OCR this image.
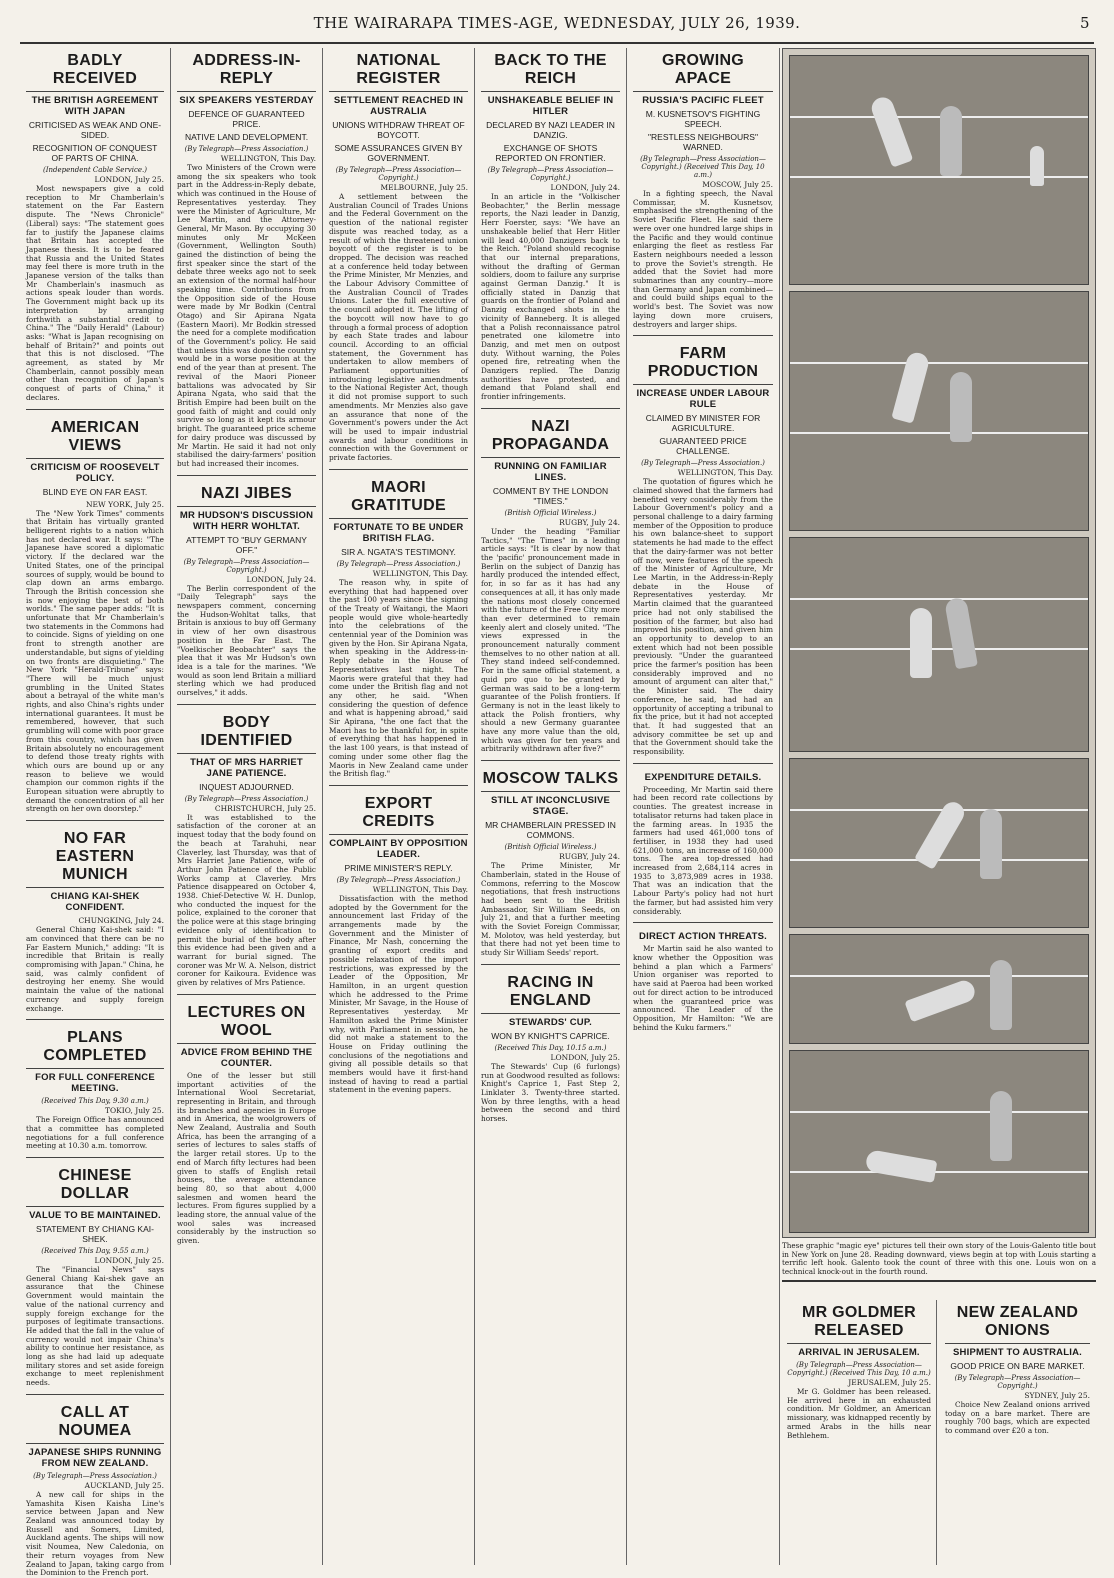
THE WAIRARAPA TIMES-AGE, WEDNESDAY, JULY 26, 1939.	5
BADLY RECEIVED
THE BRITISH AGREEMENT WITH JAPAN
CRITICISED AS WEAK AND ONE-SIDED.
RECOGNITION OF CONQUEST OF PARTS OF CHINA.
(Independent Cable Service.)
LONDON, July 25.
Most newspapers give a cold reception to Mr Chamberlain's statement on the Far Eastern dispute. The "News Chronicle" (Liberal) says: "The statement goes far to justify the Japanese claims that Britain has accepted the Japanese thesis. It is to be feared that Russia and the United States may feel there is more truth in the Japanese version of the talks than Mr Chamberlain's inasmuch as actions speak louder than words. The Government might back up its interpretation by arranging forthwith a substantial credit to China." The "Daily Herald" (Labour) asks: "What is Japan recognising on behalf of Britain?" and points out that this is not disclosed. "The agreement, as stated by Mr Chamberlain, cannot possibly mean other than recognition of Japan's conquest of parts of China," it declares.
AMERICAN VIEWS
CRITICISM OF ROOSEVELT POLICY.
BLIND EYE ON FAR EAST.
NEW YORK, July 25.
The "New York Times" comments that Britain has virtually granted belligerent rights to a nation which has not declared war. It says: "The Japanese have scored a diplomatic victory. If the declared war the United States, one of the principal sources of supply, would be bound to clap down an arms embargo. Through the British concession she is now enjoying the best of both worlds." The same paper adds: "It is unfortunate that Mr Chamberlain's two statements in the Commons had to coincide. Signs of yielding on one front to strength another are understandable, but signs of yielding on two fronts are disquieting." The New York "Herald-Tribune" says: "There will be much unjust grumbling in the United States about a betrayal of the white man's rights, and also China's rights under international guarantees. It must be remembered, however, that such grumbling will come with poor grace from this country, which has given Britain absolutely no encouragement to defend those treaty rights with which ours are bound up or any reason to believe we would champion our common rights if the European situation were abruptly to demand the concentration of all her strength on her own doorstep."
NO FAR EASTERN MUNICH
CHIANG KAI-SHEK CONFIDENT.
CHUNGKING, July 24.
General Chiang Kai-shek said: "I am convinced that there can be no Far Eastern Munich," adding: "It is incredible that Britain is really compromising with Japan." China, he said, was calmly confident of destroying her enemy. She would maintain the value of the national currency and supply foreign exchange.
PLANS COMPLETED
FOR FULL CONFERENCE MEETING.
(Received This Day, 9.30 a.m.)
TOKIO, July 25.
The Foreign Office has announced that a committee has completed negotiations for a full conference meeting at 10.30 a.m. tomorrow.
CHINESE DOLLAR
VALUE TO BE MAINTAINED.
STATEMENT BY CHIANG KAI-SHEK.
(Received This Day, 9.55 a.m.)
LONDON, July 25.
The "Financial News" says General Chiang Kai-shek gave an assurance that the Chinese Government would maintain the value of the national currency and supply foreign exchange for the purposes of legitimate transactions. He added that the fall in the value of currency would not impair China's ability to continue her resistance, as long as she had laid up adequate military stores and set aside foreign exchange to meet replenishment needs.
CALL AT NOUMEA
JAPANESE SHIPS RUNNING FROM NEW ZEALAND.
(By Telegraph—Press Association.)
AUCKLAND, July 25.
A new call for ships in the Yamashita Kisen Kaisha Line's service between Japan and New Zealand was announced today by Russell and Somers, Limited, Auckland agents. The ships will now visit Noumea, New Caledonia, on their return voyages from New Zealand to Japan, taking cargo from the Dominion to the French port.
ADDRESS-IN-REPLY
SIX SPEAKERS YESTERDAY
DEFENCE OF GUARANTEED PRICE.
NATIVE LAND DEVELOPMENT.
(By Telegraph—Press Association.)
WELLINGTON, This Day.
Two Ministers of the Crown were among the six speakers who took part in the Address-in-Reply debate, which was continued in the House of Representatives yesterday. They were the Minister of Agriculture, Mr Lee Martin, and the Attorney-General, Mr Mason. By occupying 30 minutes only Mr McKeen (Government, Wellington South) gained the distinction of being the first speaker since the start of the debate three weeks ago not to seek an extension of the normal half-hour speaking time. Contributions from the Opposition side of the House were made by Mr Bodkin (Central Otago) and Sir Apirana Ngata (Eastern Maori). Mr Bodkin stressed the need for a complete modification of the Government's policy. He said that unless this was done the country would be in a worse position at the end of the year than at present. The revival of the Maori Pioneer battalions was advocated by Sir Apirana Ngata, who said that the British Empire had been built on the good faith of might and could only survive so long as it kept its armour bright. The guaranteed price scheme for dairy produce was discussed by Mr Martin. He said it had not only stabilised the dairy-farmers' position but had increased their incomes.
NAZI JIBES
MR HUDSON'S DISCUSSION WITH HERR WOHLTAT.
ATTEMPT TO "BUY GERMANY OFF."
(By Telegraph—Press Association—Copyright.)
LONDON, July 24.
The Berlin correspondent of the "Daily Telegraph" says the newspapers comment, concerning the Hudson-Wohltat talks, that Britain is anxious to buy off Germany in view of her own disastrous position in the Far East. The "Voelkischer Beobachter" says the plea that it was Mr Hudson's own idea is a tale for the marines. "We would as soon lend Britain a milliard sterling which we had produced ourselves," it adds.
BODY IDENTIFIED
THAT OF MRS HARRIET JANE PATIENCE.
INQUEST ADJOURNED.
(By Telegraph—Press Association.)
CHRISTCHURCH, July 25.
It was established to the satisfaction of the coroner at an inquest today that the body found on the beach at Tarahuhi, near Claverley, last Thursday, was that of Mrs Harriet Jane Patience, wife of Arthur John Patience of the Public Works camp at Claverley. Mrs Patience disappeared on October 4, 1938. Chief-Detective W. H. Dunlop, who conducted the inquest for the police, explained to the coroner that the police were at this stage bringing evidence only of identification to permit the burial of the body after this evidence had been given and a warrant for burial signed. The coroner was Mr W. A. Nelson, district coroner for Kaikoura. Evidence was given by relatives of Mrs Patience.
LECTURES ON WOOL
ADVICE FROM BEHIND THE COUNTER.
One of the lesser but still important activities of the International Wool Secretariat, representing in Britain, and through its branches and agencies in Europe and in America, the woolgrowers of New Zealand, Australia and South Africa, has been the arranging of a series of lectures to sales staffs of the larger retail stores. Up to the end of March fifty lectures had been given to staffs of English retail houses, the average attendance being 80, so that about 4,000 salesmen and women heard the lectures. From figures supplied by a leading store, the annual value of the wool sales was increased considerably by the instruction so given.
NATIONAL REGISTER
SETTLEMENT REACHED IN AUSTRALIA
UNIONS WITHDRAW THREAT OF BOYCOTT.
SOME ASSURANCES GIVEN BY GOVERNMENT.
(By Telegraph—Press Association—Copyright.)
MELBOURNE, July 25.
A settlement between the Australian Council of Trades Unions and the Federal Government on the question of the national register dispute was reached today, as a result of which the threatened union boycott of the register is to be dropped. The decision was reached at a conference held today between the Prime Minister, Mr Menzies, and the Labour Advisory Committee of the Australian Council of Trades Unions. Later the full executive of the council adopted it. The lifting of the boycott will now have to go through a formal process of adoption by each State trades and labour council. According to an official statement, the Government has undertaken to allow members of Parliament opportunities of introducing legislative amendments to the National Register Act, though it did not promise support to such amendments. Mr Menzies also gave an assurance that none of the Government's powers under the Act will be used to impair industrial awards and labour conditions in connection with the Government or private factories.
MAORI GRATITUDE
FORTUNATE TO BE UNDER BRITISH FLAG.
SIR A. NGATA'S TESTIMONY.
(By Telegraph—Press Association.)
WELLINGTON, This Day.
The reason why, in spite of everything that had happened over the past 100 years since the signing of the Treaty of Waitangi, the Maori people would give whole-heartedly into the celebrations of the centennial year of the Dominion was given by the Hon. Sir Apirana Ngata, when speaking in the Address-in-Reply debate in the House of Representatives last night. The Maoris were grateful that they had come under the British flag and not any other, he said. "When considering the question of defence and what is happening abroad," said Sir Apirana, "the one fact that the Maori has to be thankful for, in spite of everything that has happened in the last 100 years, is that instead of coming under some other flag the Maoris in New Zealand came under the British flag."
EXPORT CREDITS
COMPLAINT BY OPPOSITION LEADER.
PRIME MINISTER'S REPLY.
(By Telegraph—Press Association.)
WELLINGTON, This Day.
Dissatisfaction with the method adopted by the Government for the announcement last Friday of the arrangements made by the Government and the Minister of Finance, Mr Nash, concerning the granting of export credits and possible relaxation of the import restrictions, was expressed by the Leader of the Opposition, Mr Hamilton, in an urgent question which he addressed to the Prime Minister, Mr Savage, in the House of Representatives yesterday. Mr Hamilton asked the Prime Minister why, with Parliament in session, he did not make a statement to the House on Friday outlining the conclusions of the negotiations and giving all possible details so that members would have it first-hand instead of having to read a partial statement in the evening papers.
BACK TO THE REICH
UNSHAKEABLE BELIEF IN HITLER
DECLARED BY NAZI LEADER IN DANZIG.
EXCHANGE OF SHOTS REPORTED ON FRONTIER.
(By Telegraph—Press Association—Copyright.)
LONDON, July 24.
In an article in the "Volkischer Beobachter," the Berlin message reports, the Nazi leader in Danzig, Herr Foerster, says: "We have an unshakeable belief that Herr Hitler will lead 40,000 Danzigers back to the Reich. "Poland should recognise that our internal preparations, without the drafting of German soldiers, doom to failure any surprise against German Danzig." It is officially stated in Danzig that guards on the frontier of Poland and Danzig exchanged shots in the vicinity of Banneberg. It is alleged that a Polish reconnaissance patrol penetrated one kilometre into Danzig, and met men on outpost duty. Without warning, the Poles opened fire, retreating when the Danzigers replied. The Danzig authorities have protested, and demand that Poland shall end frontier infringements.
NAZI PROPAGANDA
RUNNING ON FAMILIAR LINES.
COMMENT BY THE LONDON "TIMES."
(British Official Wireless.)
RUGBY, July 24.
Under the heading "Familiar Tactics," "The Times" in a leading article says: "It is clear by now that the 'pacific' pronouncement made in Berlin on the subject of Danzig has hardly produced the intended effect, for, in so far as it has had any consequences at all, it has only made the nations most closely concerned with the future of the Free City more than ever determined to remain keenly alert and closely united. "The views expressed in the pronouncement naturally comment themselves to no other nation at all. They stand indeed self-condemned. For in the same official statement, a quid pro quo to be granted by German was said to be a long-term guarantee of the Polish frontiers. If Germany is not in the least likely to attack the Polish frontiers, why should a new Germany guarantee have any more value than the old, which was given for ten years and arbitrarily withdrawn after five?"
MOSCOW TALKS
STILL AT INCONCLUSIVE STAGE.
MR CHAMBERLAIN PRESSED IN COMMONS.
(British Official Wireless.)
RUGBY, July 24.
The Prime Minister, Mr Chamberlain, stated in the House of Commons, referring to the Moscow negotiations, that fresh instructions had been sent to the British Ambassador, Sir William Seeds, on July 21, and that a further meeting with the Soviet Foreign Commissar, M. Molotov, was held yesterday, but that there had not yet been time to study Sir William Seeds' report.
RACING IN ENGLAND
STEWARDS' CUP.
WON BY KNIGHT'S CAPRICE.
(Received This Day, 10.15 a.m.)
LONDON, July 25.
The Stewards' Cup (6 furlongs) run at Goodwood resulted as follows: Knight's Caprice 1, Fast Step 2, Linklater 3. Twenty-three started. Won by three lengths, with a head between the second and third horses.
GROWING APACE
RUSSIA'S PACIFIC FLEET
M. KUSNETSOV'S FIGHTING SPEECH.
"RESTLESS NEIGHBOURS" WARNED.
(By Telegraph—Press Association—Copyright.) (Received This Day, 10 a.m.)
MOSCOW, July 25.
In a fighting speech, the Naval Commissar, M. Kusnetsov, emphasised the strengthening of the Soviet Pacific Fleet. He said there were over one hundred large ships in the Pacific and they would continue enlarging the fleet as restless Far Eastern neighbours needed a lesson to prove the Soviet's strength. He added that the Soviet had more submarines than any country—more than Germany and Japan combined—and could build ships equal to the world's best. The Soviet was now laying down more cruisers, destroyers and larger ships.
FARM PRODUCTION
INCREASE UNDER LABOUR RULE
CLAIMED BY MINISTER FOR AGRICULTURE.
GUARANTEED PRICE CHALLENGE.
(By Telegraph—Press Association.)
WELLINGTON, This Day.
The quotation of figures which he claimed showed that the farmers had benefited very considerably from the Labour Government's policy and a personal challenge to a dairy farming member of the Opposition to produce his own balance-sheet to support statements he had made to the effect that the dairy-farmer was not better off now, were features of the speech of the Minister of Agriculture, Mr Lee Martin, in the Address-in-Reply debate in the House of Representatives yesterday. Mr Martin claimed that the guaranteed price had not only stabilised the position of the farmer, but also had improved his position, and given him an opportunity to develop to an extent which had not been possible previously. "Under the guaranteed price the farmer's position has been considerably improved and no amount of argument can alter that," the Minister said. The dairy conference, he said, had had an opportunity of accepting a tribunal to fix the price, but it had not accepted that. It had suggested that an advisory committee be set up and that the Government should take the responsibility.
EXPENDITURE DETAILS.
Proceeding, Mr Martin said there had been record rate collections by counties. The greatest increase in totalisator returns had taken place in the farming areas. In 1935 the farmers had used 461,000 tons of fertiliser, in 1938 they had used 621,000 tons, an increase of 160,000 tons. The area top-dressed had increased from 2,684,114 acres in 1935 to 3,873,989 acres in 1938. That was an indication that the Labour Party's policy had not hurt the farmer, but had assisted him very considerably.
DIRECT ACTION THREATS.
Mr Martin said he also wanted to know whether the Opposition was behind a plan which a Farmers' Union organiser was reported to have said at Paeroa had been worked out for direct action to be introduced when the guaranteed price was announced. The Leader of the Opposition, Mr Hamilton: "We are behind the Kuku farmers."
These graphic "magic eye" pictures tell their own story of the Louis-Galento title bout in New York on June 28. Reading downward, views begin at top with Louis starting a terrific left hook. Galento took the count of three with this one. Louis won on a technical knock-out in the fourth round.
MR GOLDMER RELEASED
ARRIVAL IN JERUSALEM.
(By Telegraph—Press Association—Copyright.) (Received This Day, 10 a.m.)
JERUSALEM, July 25.
Mr G. Goldmer has been released. He arrived here in an exhausted condition. Mr Goldmer, an American missionary, was kidnapped recently by armed Arabs in the hills near Bethlehem.
NEW ZEALAND ONIONS
SHIPMENT TO AUSTRALIA.
GOOD PRICE ON BARE MARKET.
(By Telegraph—Press Association—Copyright.)
SYDNEY, July 25.
Choice New Zealand onions arrived today on a bare market. There are roughly 700 bags, which are expected to command over £20 a ton.
